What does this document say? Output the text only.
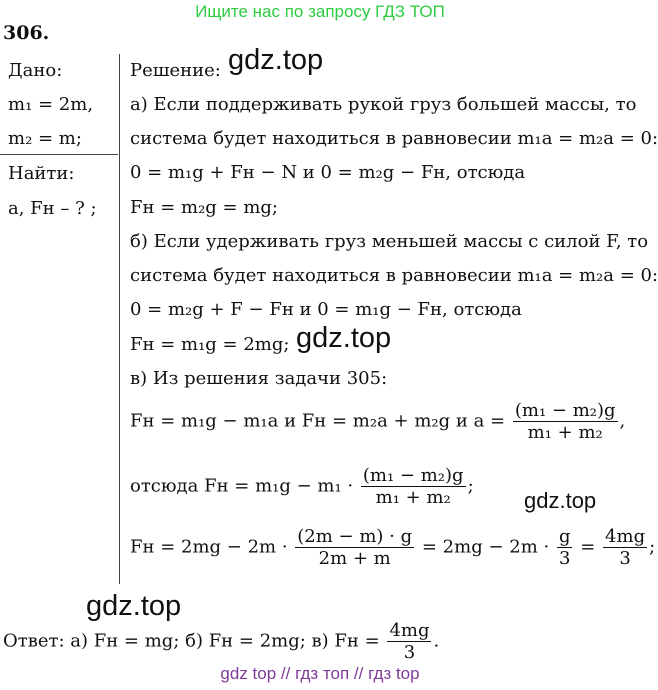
Ищите нас по запросу ГДЗ ТОП
306.
Дано:
m₁ = 2m,
m₂ = m;
Найти:
a, Fн – ? ;
Решение: gdz.top
а) Если поддерживать рукой груз большей массы, то
система будет находиться в равновесии m₁a = m₂a = 0:
0 = m₁g + Fн − N и 0 = m₂g − Fн, отсюда
Fн = m₂g = mg;
б) Если удерживать груз меньшей массы с силой F, то
система будет находиться в равновесии m₁a = m₂a = 0:
0 = m₂g + F − Fн и 0 = m₁g − Fн, отсюда
Fн = m₁g = 2mg; gdz.top
в) Из решения задачи 305:
Fн = m₁g − m₁a и Fн = m₂a + m₂g и $a = \frac{\text{(m₁ − m₂)g}}{\text{m₁ + m₂}}$ ,
отсюда Fн = $m_1g - m_1 \cdot \frac{\text{(m₁ − m₂)g}}{\text{m₁ + m₂}}$ ;
gdz.top
Fн = $2mg - 2m \cdot \frac{(2m - m) \cdot g}{2m + m} = 2mg - 2m \cdot \frac{g}{3} = \frac{4mg}{3}$ ;
gdz.top
Ответ: а) Fн = mg; б) Fн = 2mg; в) Fн = $\frac{4mg}{3}$ .
gdz top // гдз топ // гдз top
